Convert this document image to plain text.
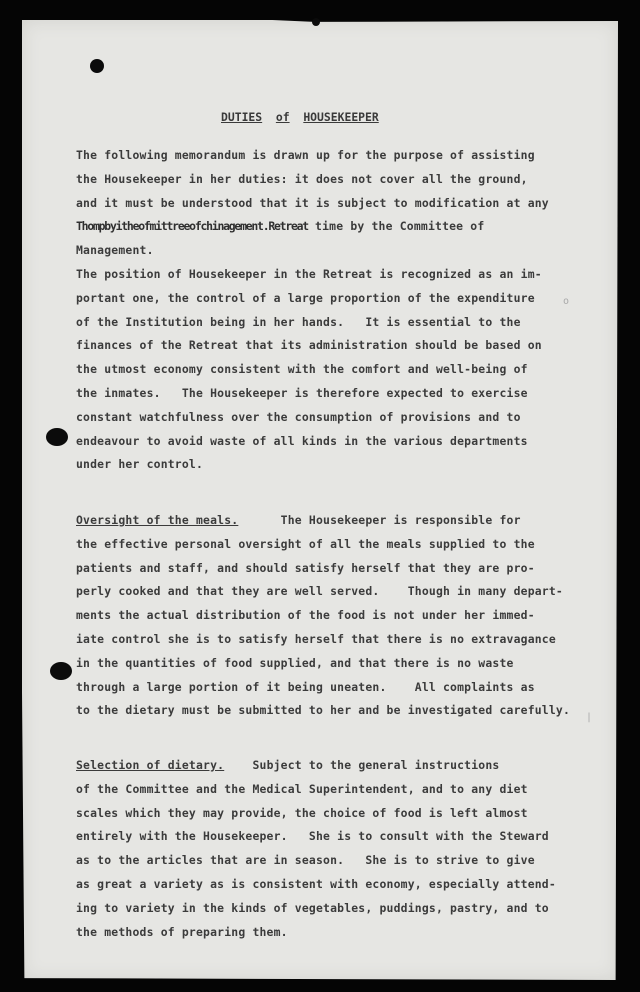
DUTIES of HOUSEKEEPER
The following memorandum is drawn up for the purpose of assisting
the Housekeeper in her duties: it does not cover all the ground,
and it must be understood that it is subject to modification at any
Thompbyitheofmittreeofchinagement.Retreat time by the Committee of
Management.
The position of Housekeeper in the Retreat is recognized as an im-
portant one, the control of a large proportion of the expenditure
of the Institution being in her hands.   It is essential to the
finances of the Retreat that its administration should be based on
the utmost economy consistent with the comfort and well-being of
the inmates.   The Housekeeper is therefore expected to exercise
constant watchfulness over the consumption of provisions and to
endeavour to avoid waste of all kinds in the various departments
under her control.
Oversight of the meals.      The Housekeeper is responsible for
the effective personal oversight of all the meals supplied to the
patients and staff, and should satisfy herself that they are pro-
perly cooked and that they are well served.    Though in many depart-
ments the actual distribution of the food is not under her immed-
iate control she is to satisfy herself that there is no extravagance
in the quantities of food supplied, and that there is no waste
through a large portion of it being uneaten.    All complaints as
to the dietary must be submitted to her and be investigated carefully.
Selection of dietary.    Subject to the general instructions
of the Committee and the Medical Superintendent, and to any diet
scales which they may provide, the choice of food is left almost
entirely with the Housekeeper.   She is to consult with the Steward
as to the articles that are in season.   She is to strive to give
as great a variety as is consistent with economy, especially attend-
ing to variety in the kinds of vegetables, puddings, pastry, and to
the methods of preparing them.
o
|
